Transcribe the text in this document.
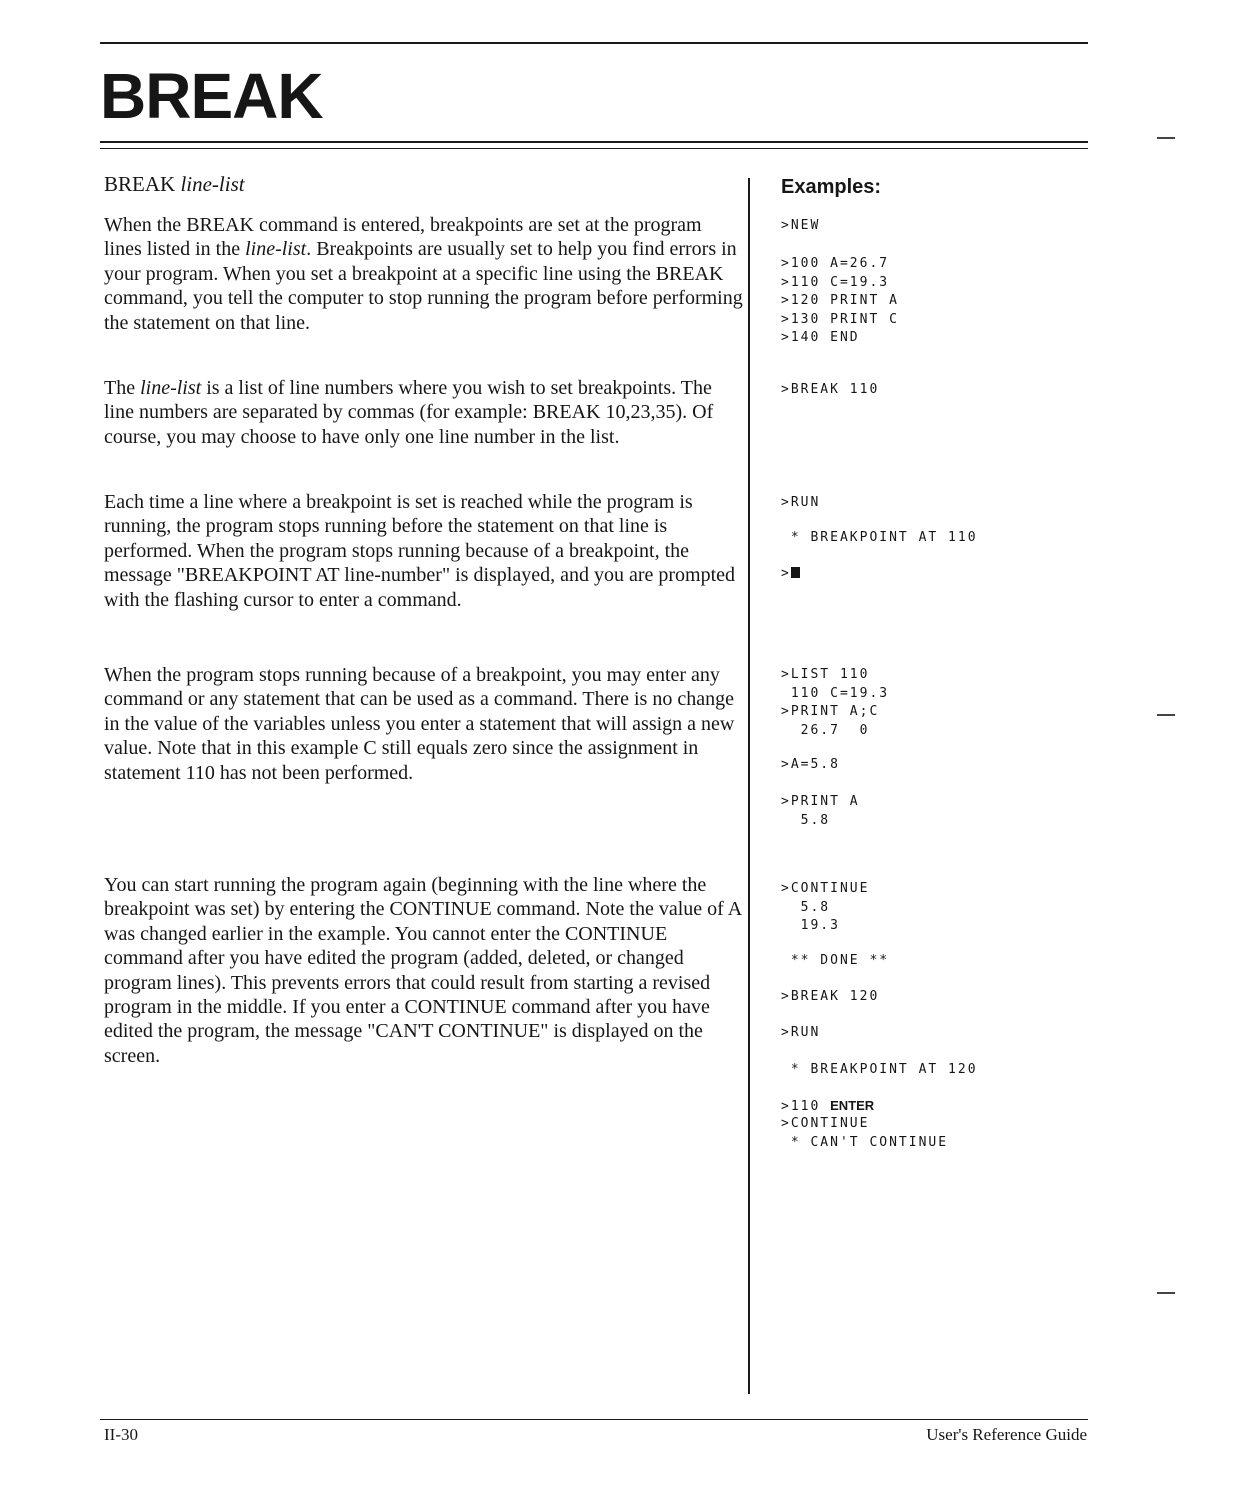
BREAK
BREAK line-list

When the BREAK command is entered, breakpoints are set at the program lines listed in the line-list. Breakpoints are usually set to help you find errors in your program. When you set a breakpoint at a specific line using the BREAK command, you tell the computer to stop running the program before performing the statement on that line.

The line-list is a list of line numbers where you wish to set breakpoints. The line numbers are separated by commas (for example: BREAK 10,23,35). Of course, you may choose to have only one line number in the list.

Each time a line where a breakpoint is set is reached while the program is running, the program stops running before the statement on that line is performed. When the program stops running because of a breakpoint, the message "BREAKPOINT AT line-number" is displayed, and you are prompted with the flashing cursor to enter a command.

When the program stops running because of a breakpoint, you may enter any command or any statement that can be used as a command. There is no change in the value of the variables unless you enter a statement that will assign a new value. Note that in this example C still equals zero since the assignment in statement 110 has not been performed.

You can start running the program again (beginning with the line where the breakpoint was set) by entering the CONTINUE command. Note the value of A was changed earlier in the example. You cannot enter the CONTINUE command after you have edited the program (added, deleted, or changed program lines). This prevents errors that could result from starting a revised program in the middle. If you enter a CONTINUE command after you have edited the program, the message "CAN'T CONTINUE" is displayed on the screen.

Examples:
>NEW
>100 A=26.7
>110 C=19.3
>120 PRINT A
>130 PRINT C
>140 END
>BREAK 110
>RUN
* BREAKPOINT AT 110
>
>LIST 110
110 C=19.3
>PRINT A;C
26.7  0
>A=5.8
>PRINT A
5.8
>CONTINUE
5.8
19.3
** DONE **
>BREAK 120
>RUN
* BREAKPOINT AT 120
>110 ENTER
>CONTINUE
* CAN'T CONTINUE
II-30	User's Reference Guide
